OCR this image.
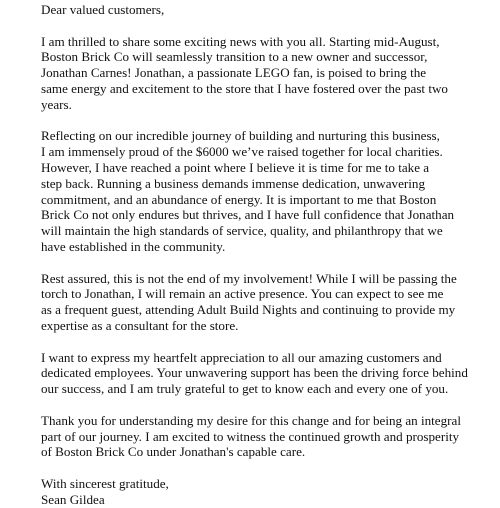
Dear valued customers,
I am thrilled to share some exciting news with you all. Starting mid-August,
Boston Brick Co will seamlessly transition to a new owner and successor,
Jonathan Carnes! Jonathan, a passionate LEGO fan, is poised to bring the
same energy and excitement to the store that I have fostered over the past two
years.
Reflecting on our incredible journey of building and nurturing this business,
I am immensely proud of the $6000 we’ve raised together for local charities.
However, I have reached a point where I believe it is time for me to take a
step back. Running a business demands immense dedication, unwavering
commitment, and an abundance of energy. It is important to me that Boston
Brick Co not only endures but thrives, and I have full confidence that Jonathan
will maintain the high standards of service, quality, and philanthropy that we
have established in the community.
Rest assured, this is not the end of my involvement! While I will be passing the
torch to Jonathan, I will remain an active presence. You can expect to see me
as a frequent guest, attending Adult Build Nights and continuing to provide my
expertise as a consultant for the store.
I want to express my heartfelt appreciation to all our amazing customers and
dedicated employees. Your unwavering support has been the driving force behind
our success, and I am truly grateful to get to know each and every one of you.
Thank you for understanding my desire for this change and for being an integral
part of our journey. I am excited to witness the continued growth and prosperity
of Boston Brick Co under Jonathan's capable care.
With sincerest gratitude,
Sean Gildea
